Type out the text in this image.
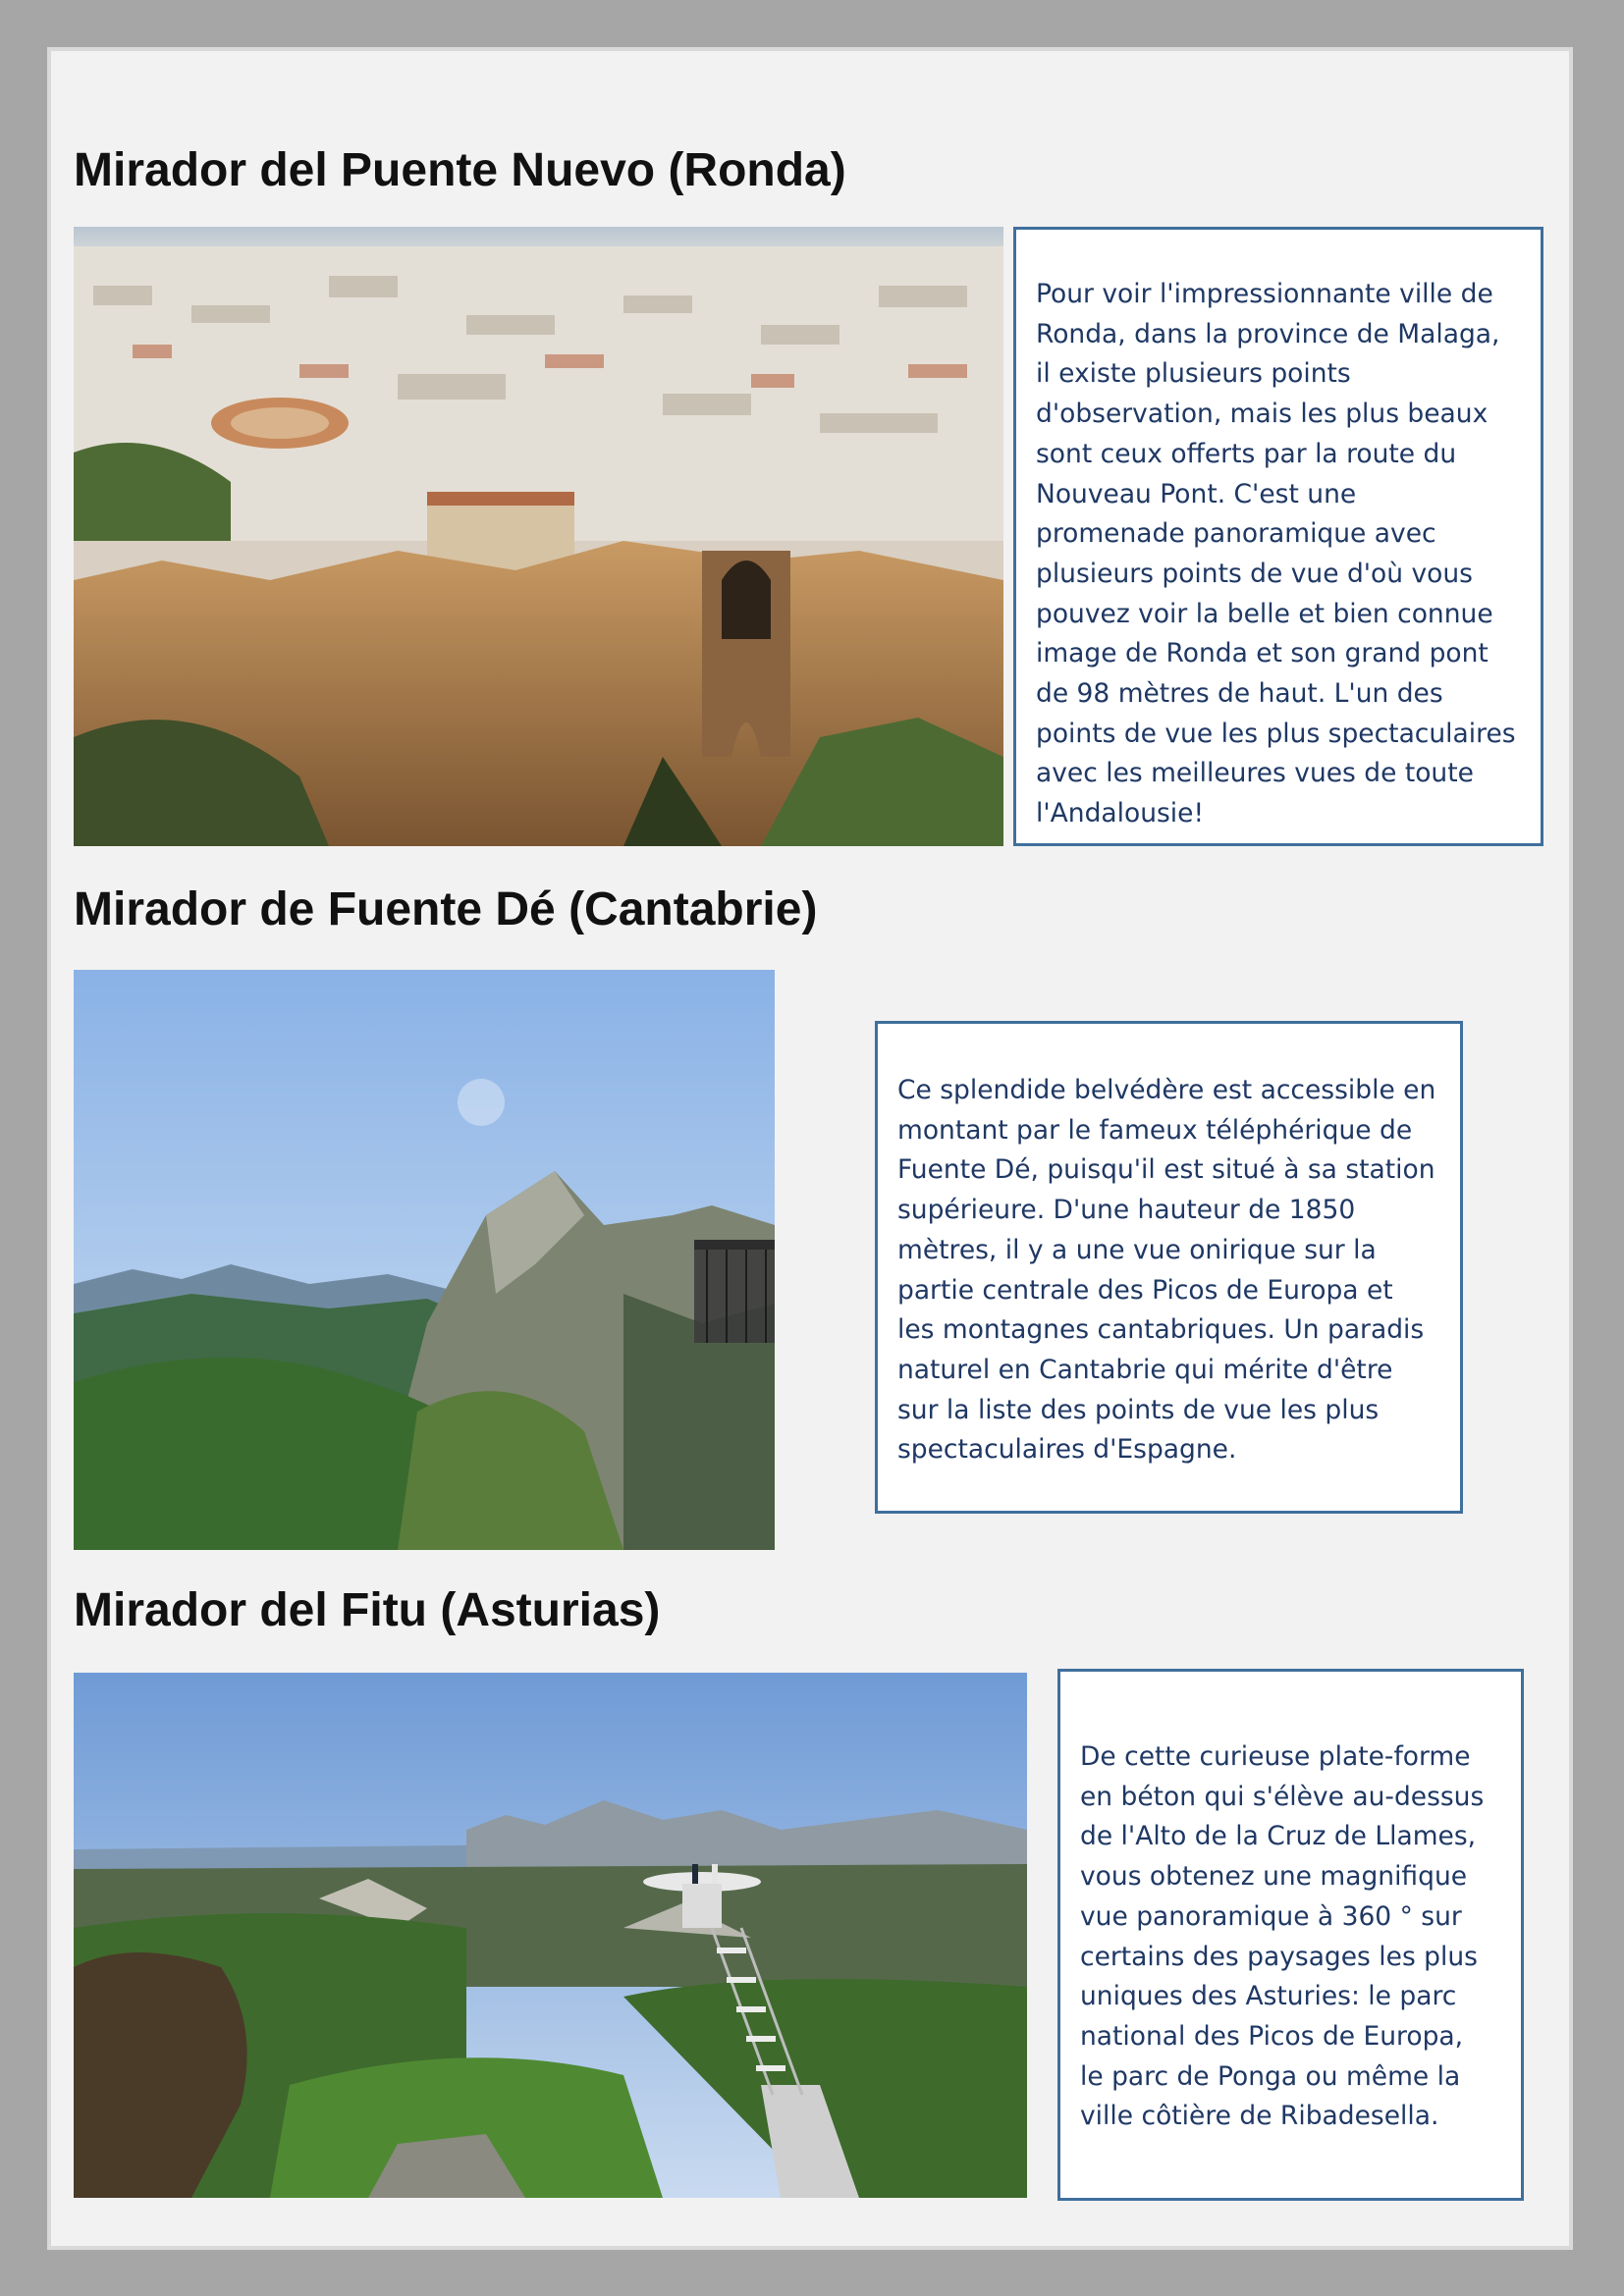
Mirador del Puente Nuevo (Ronda)

Pour voir l'impressionnante ville de
Ronda, dans la province de Malaga,
il existe plusieurs points
d'observation, mais les plus beaux
sont ceux offerts par la route du
Nouveau Pont. C'est une
promenade panoramique avec
plusieurs points de vue d'où vous
pouvez voir la belle et bien connue
image de Ronda et son grand pont
de 98 mètres de haut. L'un des
points de vue les plus spectaculaires
avec les meilleures vues de toute
l'Andalousie!

Mirador de Fuente Dé (Cantabrie)

Ce splendide belvédère est accessible en
montant par le fameux téléphérique de
Fuente Dé, puisqu'il est situé à sa station
supérieure. D'une hauteur de 1850
mètres, il y a une vue onirique sur la
partie centrale des Picos de Europa et
les montagnes cantabriques. Un paradis
naturel en Cantabrie qui mérite d'être
sur la liste des points de vue les plus
spectaculaires d'Espagne.

Mirador del Fitu (Asturias)

De cette curieuse plate-forme
en béton qui s'élève au-dessus
de l'Alto de la Cruz de Llames,
vous obtenez une magnifique
vue panoramique à 360 ° sur
certains des paysages les plus
uniques des Asturies: le parc
national des Picos de Europa,
le parc de Ponga ou même la
ville côtière de Ribadesella.
